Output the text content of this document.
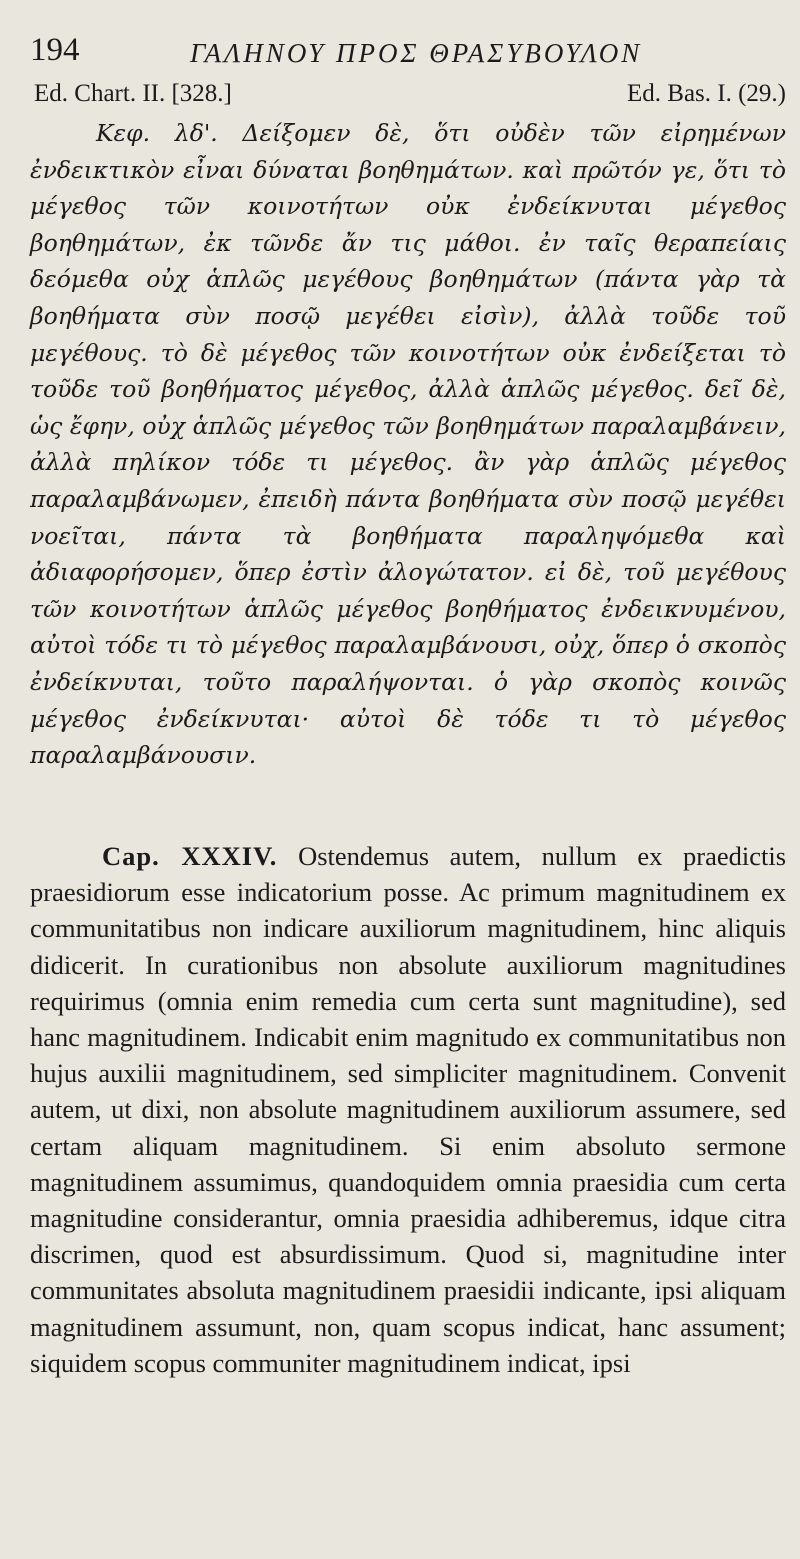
194	ΓΑΛΗΝΟΥ ΠΡΟΣ ΘΡΑΣΥΒΟΥΛΟΝ
Ed. Chart. II. [328.]	Ed. Bas. I. (29.)

Κεφ. λδ'. Δείξομεν δὲ, ὅτι οὐδὲν τῶν εἰρημένων ἐνδεικτικὸν εἶναι δύναται βοηθημάτων. καὶ πρῶτόν γε, ὅτι τὸ μέγεθος τῶν κοινοτήτων οὐκ ἐνδείκνυται μέγεθος βοηθημάτων, ἐκ τῶνδε ἄν τις μάθοι. ἐν ταῖς θεραπείαις δεόμεθα οὐχ ἁπλῶς μεγέθους βοηθημάτων (πάντα γὰρ τὰ βοηθήματα σὺν ποσῷ μεγέθει εἰσὶν), ἀλλὰ τοῦδε τοῦ μεγέθους. τὸ δὲ μέγεθος τῶν κοινοτήτων οὐκ ἐνδείξεται τὸ τοῦδε τοῦ βοηθήματος μέγεθος, ἀλλὰ ἁπλῶς μέγεθος. δεῖ δὲ, ὡς ἔφην, οὐχ ἁπλῶς μέγεθος τῶν βοηθημάτων παραλαμβάνειν, ἀλλὰ πηλίκον τόδε τι μέγεθος. ἂν γὰρ ἁπλῶς μέγεθος παραλαμβάνωμεν, ἐπειδὴ πάντα βοηθήματα σὺν ποσῷ μεγέθει νοεῖται, πάντα τὰ βοηθήματα παραληψόμεθα καὶ ἀδιαφορήσομεν, ὅπερ ἐστὶν ἀλογώτατον. εἰ δὲ, τοῦ μεγέθους τῶν κοινοτήτων ἁπλῶς μέγεθος βοηθήματος ἐνδεικνυμένου, αὐτοὶ τόδε τι τὸ μέγεθος παραλαμβάνουσι, οὐχ, ὅπερ ὁ σκοπὸς ἐνδείκνυται, τοῦτο παραλήψονται. ὁ γὰρ σκοπὸς κοινῶς μέγεθος ἐνδείκνυται· αὐτοὶ δὲ τόδε τι τὸ μέγεθος παραλαμβάνουσιν.

Cap. XXXIV. Ostendemus autem, nullum ex praedictis praesidiorum esse indicatorium posse. Ac primum magnitudinem ex communitatibus non indicare auxiliorum magnitudinem, hinc aliquis didicerit. In curationibus non absolute auxiliorum magnitudines requirimus (omnia enim remedia cum certa sunt magnitudine), sed hanc magnitudinem. Indicabit enim magnitudo ex communitatibus non hujus auxilii magnitudinem, sed simpliciter magnitudinem. Convenit autem, ut dixi, non absolute magnitudinem auxiliorum assumere, sed certam aliquam magnitudinem. Si enim absoluto sermone magnitudinem assumimus, quandoquidem omnia praesidia cum certa magnitudine considerantur, omnia praesidia adhiberemus, idque citra discrimen, quod est absurdissimum. Quod si, magnitudine inter communitates absoluta magnitudinem praesidii indicante, ipsi aliquam magnitudinem assumunt, non, quam scopus indicat, hanc assument; siquidem scopus communiter magnitudinem indicat, ipsi
